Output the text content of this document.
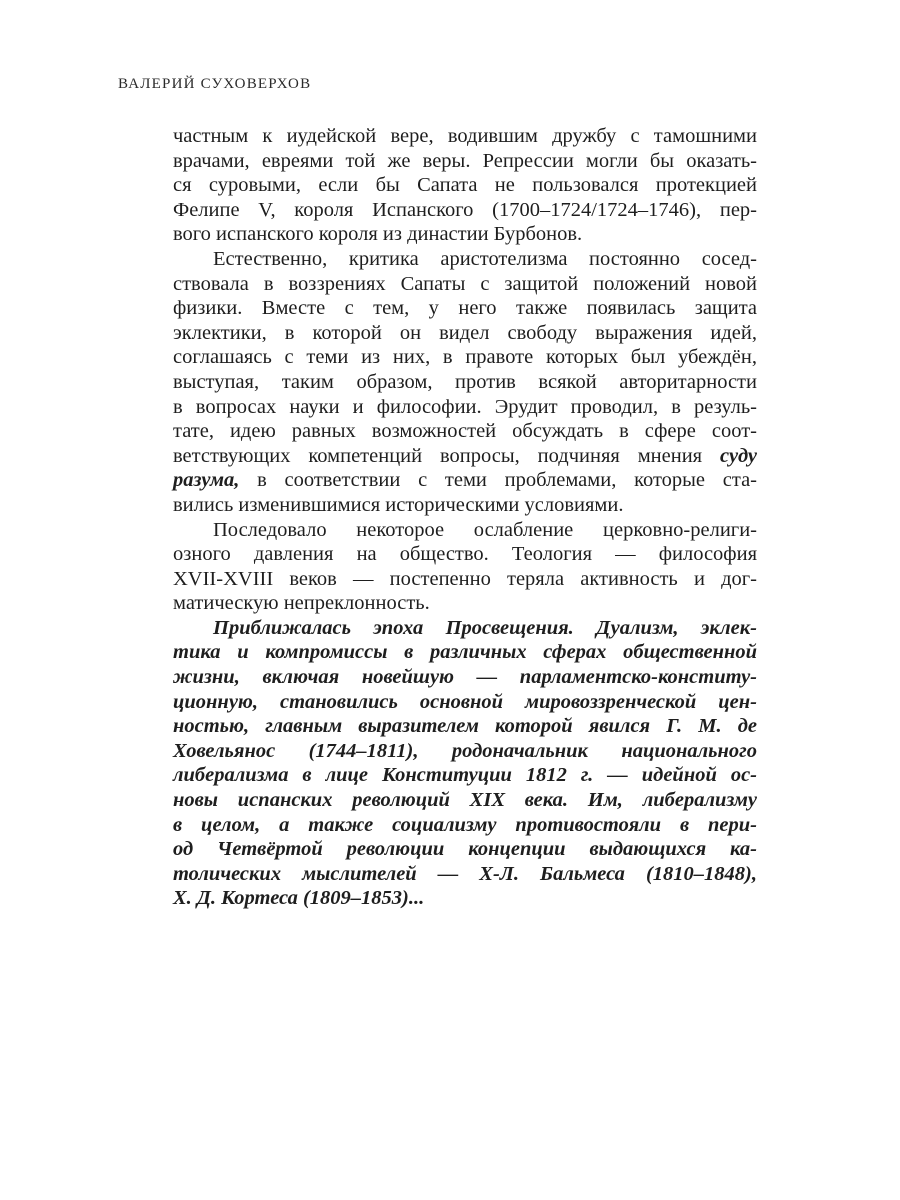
ВАЛЕРИЙ СУХОВЕРХОВ
частным к иудейской вере, водившим дружбу с тамошними
врачами, евреями той же веры. Репрессии могли бы оказать-
ся суровыми, если бы Сапата не пользовался протекцией
Фелипе V, короля Испанского (1700–1724/1724–1746), пер-
вого испанского короля из династии Бурбонов.
Естественно, критика аристотелизма постоянно сосед-
ствовала в воззрениях Сапаты с защитой положений новой
физики. Вместе с тем, у него также появилась защита
эклектики, в которой он видел свободу выражения идей,
соглашаясь с теми из них, в правоте которых был убеждён,
выступая, таким образом, против всякой авторитарности
в вопросах науки и философии. Эрудит проводил, в резуль-
тате, идею равных возможностей обсуждать в сфере соот-
ветствующих компетенций вопросы, подчиняя мнения суду
разума, в соответствии с теми проблемами, которые ста-
вились изменившимися историческими условиями.
Последовало некоторое ослабление церковно-религи-
озного давления на общество. Теология — философия
XVII-XVIII веков — постепенно теряла активность и дог-
матическую непреклонность.
Приближалась эпоха Просвещения. Дуализм, эклек-
тика и компромиссы в различных сферах общественной
жизни, включая новейшую — парламентско-конститу-
ционную, становились основной мировоззренческой цен-
ностью, главным выразителем которой явился Г. М. де
Ховельянос (1744–1811), родоначальник национального
либерализма в лице Конституции 1812 г. — идейной ос-
новы испанских революций XIX века. Им, либерализму
в целом, а также социализму противостояли в пери-
од Четвёртой революции концепции выдающихся ка-
толических мыслителей — Х-Л. Бальмеса (1810–1848),
Х. Д. Кортеса (1809–1853)...
